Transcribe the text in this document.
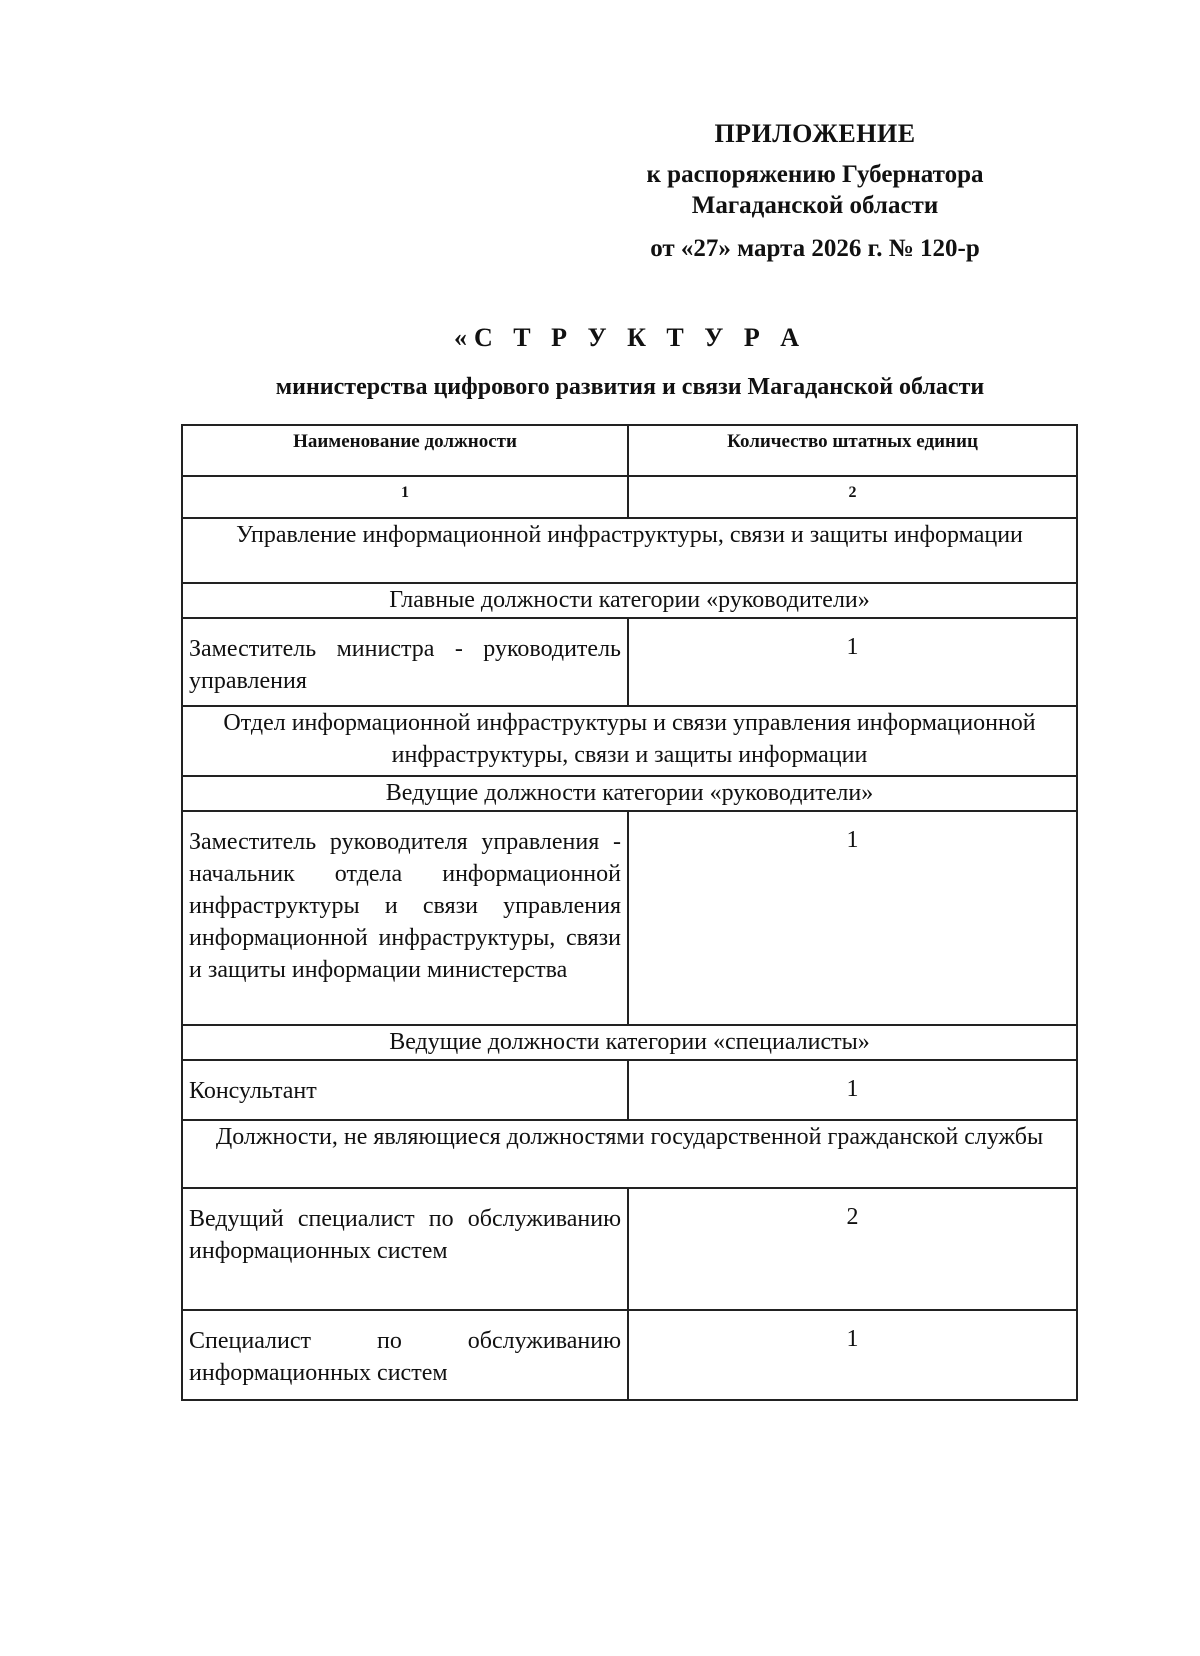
ПРИЛОЖЕНИЕ
к распоряжению Губернатора
Магаданской области
от «27» марта 2026 г. № 120-р
«С Т Р У К Т У Р А
министерства цифрового развития и связи Магаданской области
Наименование должности	Количество штатных единиц
1	2
Управление информационной инфраструктуры, связи и защиты информации	
Главные должности категории «руководители»	
Заместитель министра - руководитель управления	1
Отдел информационной инфраструктуры и связи управления информационной инфраструктуры, связи и защиты информации	
Ведущие должности категории «руководители»	
Заместитель руководителя управления - начальник отдела информационной инфраструктуры и связи управления информационной инфраструктуры, связи и защиты информации министерства	1
Ведущие должности категории «специалисты»	
Консультант	1
Должности, не являющиеся должностями государственной гражданской службы	
Ведущий специалист по обслуживанию информационных систем	2
Специалист по обслуживанию информационных систем	1
